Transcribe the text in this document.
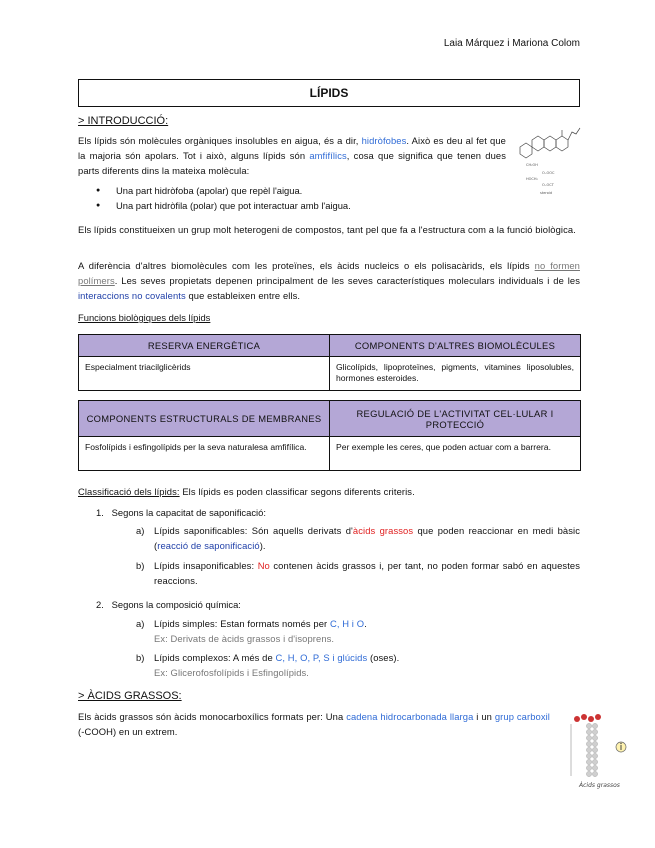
Laia Márquez i Mariona Colom
LÍPIDS
> INTRODUCCIÓ:
Els lípids són molècules orgàniques insolubles en aigua, és a dir, hidròfobes. Això es deu al fet que la majoria són apolars. Tot i això, alguns lípids són amfifílics, cosa que significa que tenen dues parts diferents dins la mateixa molècula:	CH₂OH
O–OOC
HOCH₂
O–OCT
steroid
● Una part hidròfoba (apolar) que repèl l'aigua.
● Una part hidròfila (polar) que pot interactuar amb l'aigua.
Els lípids constitueixen un grup molt heterogeni de compostos, tant pel que fa a l'estructura com a la funció biològica.
A diferència d'altres biomolècules com les proteïnes, els àcids nucleics o els polisacàrids, els lípids no formen polímers. Les seves propietats depenen principalment de les seves característiques moleculars individuals i de les interaccions no covalents que estableixen entre ells.
Funcions biològiques dels lípids
RESERVA ENERGÈTICA	COMPONENTS D'ALTRES BIOMOLÈCULES
Especialment triacilglicèrids	Glicolípids, lipoproteïnes, pigments, vitamines liposolubles, hormones esteroides.
COMPONENTS ESTRUCTURALS DE MEMBRANES	REGULACIÓ DE L'ACTIVITAT CEL·LULAR I PROTECCIÓ
Fosfolípids i esfingolípids per la seva naturalesa amfifílica.	Per exemple les ceres, que poden actuar com a barrera.
Classificació dels lípids: Els lípids es poden classificar segons diferents criteris.
1. Segons la capacitat de saponificació:
a) Lípids saponificables: Són aquells derivats d'àcids grassos que poden reaccionar en medi bàsic (reacció de saponificació).
b) Lípids insaponificables: No contenen àcids grassos i, per tant, no poden formar sabó en aquestes reaccions.
2. Segons la composició química:
a) Lípids simples: Estan formats només per C, H i O.
Ex: Derivats de àcids grassos i d'isoprens.
b) Lípids complexos: A més de C, H, O, P, S i glúcids (oses).
Ex: Glicerofosfolípids i Esfingolípids.
> ÀCIDS GRASSOS:
Els àcids grassos són àcids monocarboxílics formats per: Una cadena hidrocarbonada llarga i un grup carboxil (-COOH) en un extrem.
Àcids grassos
